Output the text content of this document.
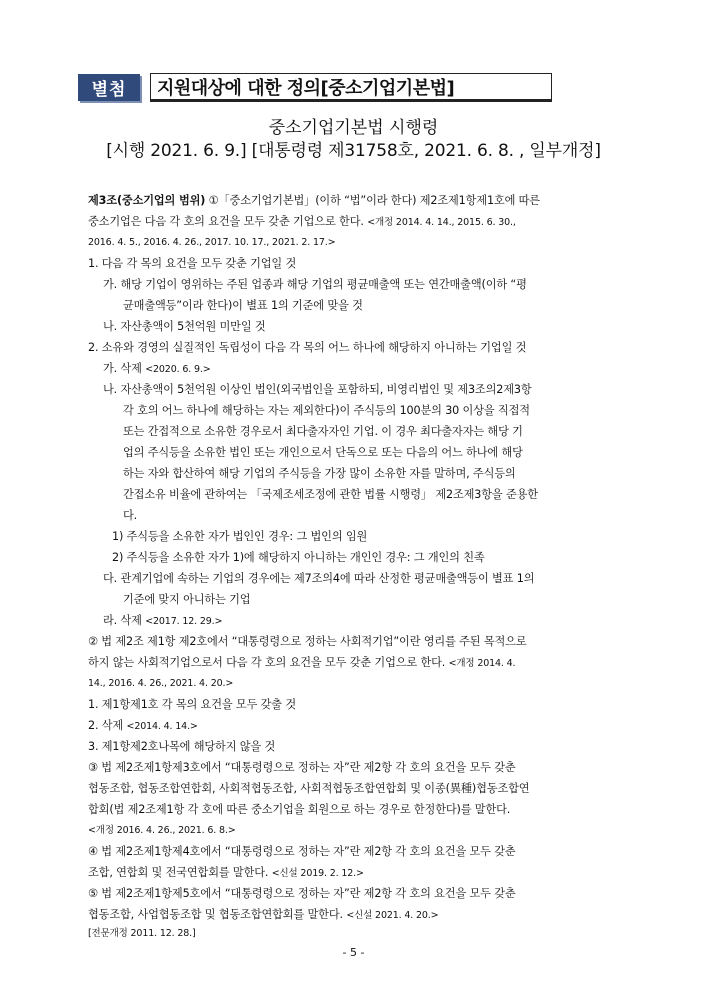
별첨	지원대상에 대한 정의[중소기업기본법]
중소기업기본법 시행령
[시행 2021. 6. 9.] [대통령령 제31758호, 2021. 6. 8. , 일부개정]
제3조(중소기업의 범위) ①「중소기업기본법」(이하 “법”이라 한다) 제2조제1항제1호에 따른
중소기업은 다음 각 호의 요건을 모두 갖춘 기업으로 한다. <개정 2014. 4. 14., 2015. 6. 30.,
2016. 4. 5., 2016. 4. 26., 2017. 10. 17., 2021. 2. 17.>
1. 다음 각 목의 요건을 모두 갖춘 기업일 것
가. 해당 기업이 영위하는 주된 업종과 해당 기업의 평균매출액 또는 연간매출액(이하 “평
균매출액등”이라 한다)이 별표 1의 기준에 맞을 것
나. 자산총액이 5천억원 미만일 것
2. 소유와 경영의 실질적인 독립성이 다음 각 목의 어느 하나에 해당하지 아니하는 기업일 것
가. 삭제 <2020. 6. 9.>
나. 자산총액이 5천억원 이상인 법인(외국법인을 포함하되, 비영리법인 및 제3조의2제3항
각 호의 어느 하나에 해당하는 자는 제외한다)이 주식등의 100분의 30 이상을 직접적
또는 간접적으로 소유한 경우로서 최다출자자인 기업. 이 경우 최다출자자는 해당 기
업의 주식등을 소유한 법인 또는 개인으로서 단독으로 또는 다음의 어느 하나에 해당
하는 자와 합산하여 해당 기업의 주식등을 가장 많이 소유한 자를 말하며, 주식등의
간접소유 비율에 관하여는 「국제조세조정에 관한 법률 시행령」 제2조제3항을 준용한
다.
1) 주식등을 소유한 자가 법인인 경우: 그 법인의 임원
2) 주식등을 소유한 자가 1)에 해당하지 아니하는 개인인 경우: 그 개인의 친족
다. 관계기업에 속하는 기업의 경우에는 제7조의4에 따라 산정한 평균매출액등이 별표 1의
기준에 맞지 아니하는 기업
라. 삭제 <2017. 12. 29.>
② 법 제2조 제1항 제2호에서 “대통령령으로 정하는 사회적기업”이란 영리를 주된 목적으로
하지 않는 사회적기업으로서 다음 각 호의 요건을 모두 갖춘 기업으로 한다. <개정 2014. 4.
14., 2016. 4. 26., 2021. 4. 20.>
1. 제1항제1호 각 목의 요건을 모두 갖출 것
2. 삭제 <2014. 4. 14.>
3. 제1항제2호나목에 해당하지 않을 것
③ 법 제2조제1항제3호에서 “대통령령으로 정하는 자”란 제2항 각 호의 요건을 모두 갖춘
협동조합, 협동조합연합회, 사회적협동조합, 사회적협동조합연합회 및 이종(異種)협동조합연
합회(법 제2조제1항 각 호에 따른 중소기업을 회원으로 하는 경우로 한정한다)를 말한다.
<개정 2016. 4. 26., 2021. 6. 8.>
④ 법 제2조제1항제4호에서 “대통령령으로 정하는 자”란 제2항 각 호의 요건을 모두 갖춘
조합, 연합회 및 전국연합회를 말한다. <신설 2019. 2. 12.>
⑤ 법 제2조제1항제5호에서 “대통령령으로 정하는 자”란 제2항 각 호의 요건을 모두 갖춘
협동조합, 사업협동조합 및 협동조합연합회를 말한다. <신설 2021. 4. 20.>
[전문개정 2011. 12. 28.]
- 5 -
